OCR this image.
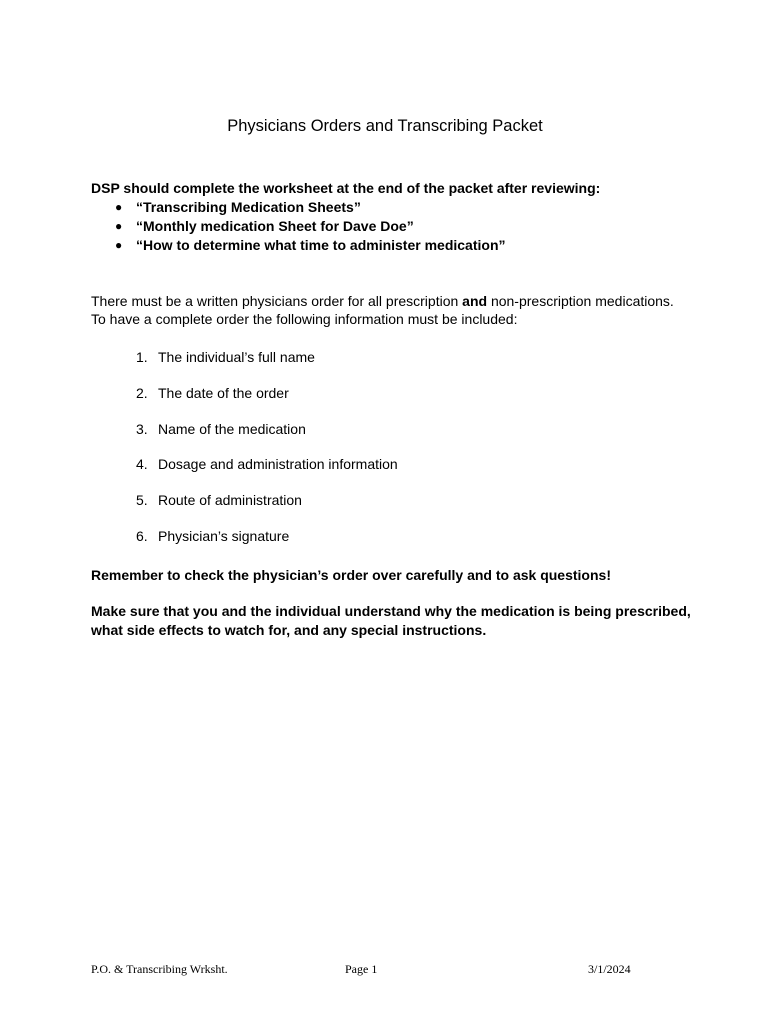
Physicians Orders and Transcribing Packet
DSP should complete the worksheet at the end of the packet after reviewing:
● “Transcribing Medication Sheets”
● “Monthly medication Sheet for Dave Doe”
● “How to determine what time to administer medication”
There must be a written physicians order for all prescription and non-prescription medications. To have a complete order the following information must be included:
1. The individual’s full name
2. The date of the order
3. Name of the medication
4. Dosage and administration information
5. Route of administration
6. Physician’s signature
Remember to check the physician’s order over carefully and to ask questions!
Make sure that you and the individual understand why the medication is being prescribed, what side effects to watch for, and any special instructions.
P.O. & Transcribing Wrksht.	Page 1	3/1/2024
